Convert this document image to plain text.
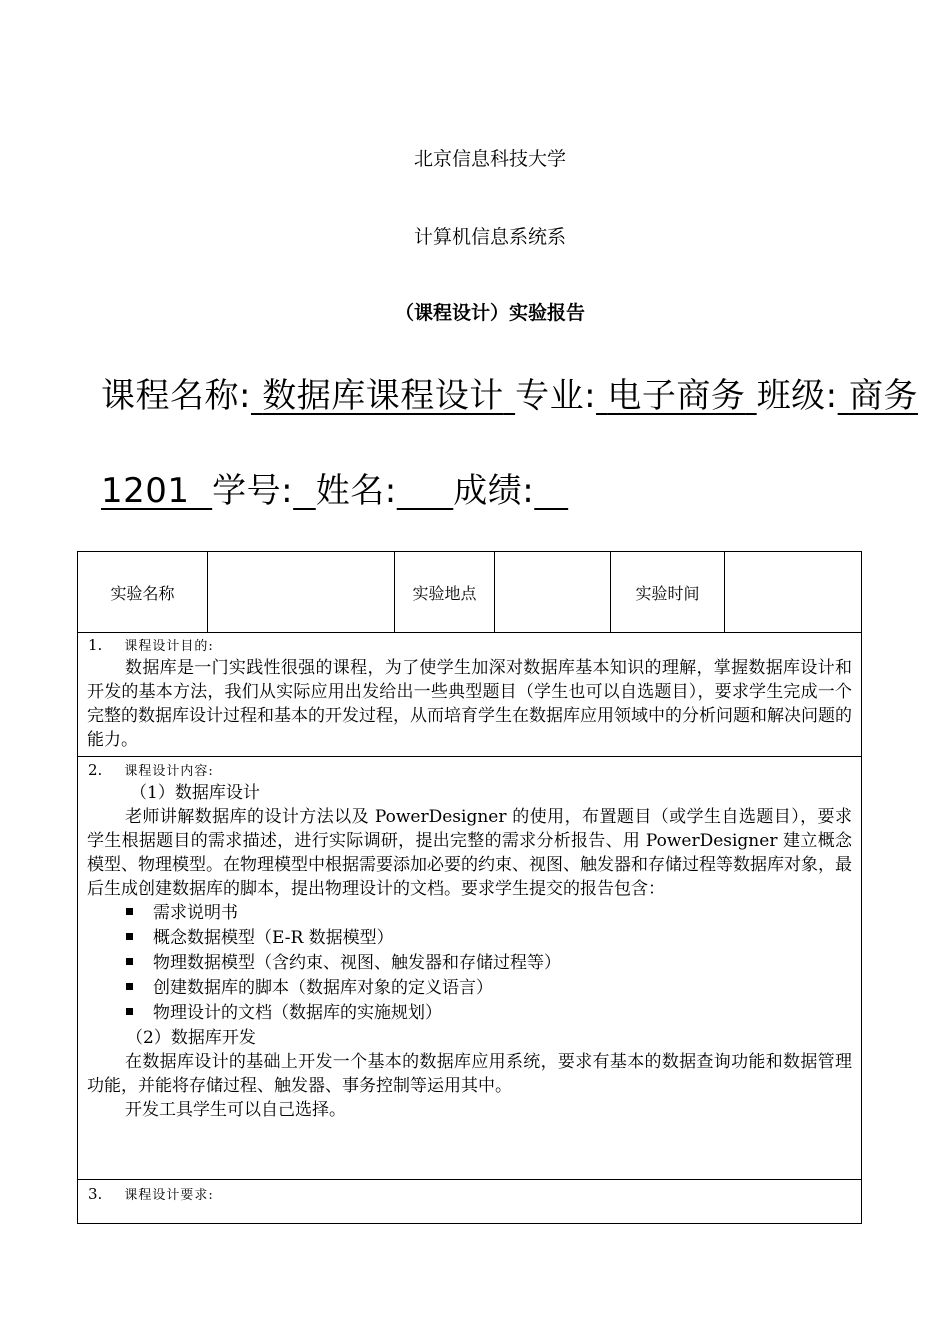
北京信息科技大学
计算机信息系统系
（课程设计）实验报告
课程名称: 数据库课程设计 专业: 电子商务 班级: 商务
1201 学号: 姓名: 成绩:
实验名称	实验地点	实验时间
1. 课程设计目的:
数据库是一门实践性很强的课程，为了使学生加深对数据库基本知识的理解，掌握数据库设计和开发的基本方法，我们从实际应用出发给出一些典型题目（学生也可以自选题目），要求学生完成一个完整的数据库设计过程和基本的开发过程，从而培育学生在数据库应用领域中的分析问题和解决问题的能力。
2. 课程设计内容:
（1）数据库设计
老师讲解数据库的设计方法以及 PowerDesigner 的使用，布置题目（或学生自选题目），要求学生根据题目的需求描述，进行实际调研，提出完整的需求分析报告、用 PowerDesigner 建立概念模型、物理模型。在物理模型中根据需要添加必要的约束、视图、触发器和存储过程等数据库对象，最后生成创建数据库的脚本，提出物理设计的文档。要求学生提交的报告包含：
需求说明书
概念数据模型（E-R 数据模型）
物理数据模型（含约束、视图、触发器和存储过程等）
创建数据库的脚本（数据库对象的定义语言）
物理设计的文档（数据库的实施规划）
（2）数据库开发
在数据库设计的基础上开发一个基本的数据库应用系统，要求有基本的数据查询功能和数据管理功能，并能将存储过程、触发器、事务控制等运用其中。
开发工具学生可以自己选择。
3. 课程设计要求:
